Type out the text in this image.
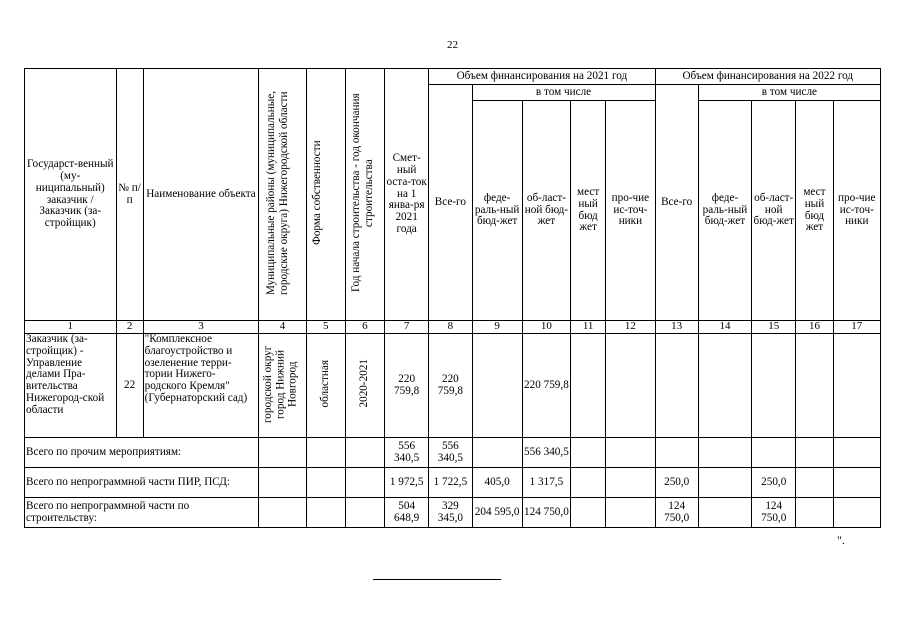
22
Государст-венный (му-ниципальный) заказчик / Заказчик (за-стройщик)	№ п/п	Наименование объекта	Муниципальные районы (муниципальные, городские округа) Нижегородской области	Форма собственности	Год начала строительства - год окончания строительства	Смет-ный оста-ток на 1 янва-ря 2021 года	Объем финансирования на 2021 год					Объем финансирования на 2022 год				
							Все-го	в том числе				Все-го	в том числе			
								феде-раль-ный бюд-жет	об-ласт-ной бюд-жет	мест ный бюд жет	про-чие ис-точ-ники		феде-раль-ный бюд-жет	об-ласт-ной бюд-жет	мест ный бюд жет	про-чие ис-точ-ники
1	2	3	4	5	6	7	8	9	10	11	12	13	14	15	16	17
Заказчик (за-стройщик) - Управление делами Пра-вительства Нижегород-ской области	22	"Комплексное благоустройство и озеленение терри-тории Нижего-родского Кремля" (Губернаторский сад)	городской округ город Нижний Новгород	областная	2020-2021	220 759,8	220 759,8		220 759,8							
Всего по прочим мероприятиям:						556 340,5	556 340,5		556 340,5							
Всего по непрограммной части ПИР, ПСД:						1 972,5	1 722,5	405,0	1 317,5			250,0		250,0		
Всего по непрограммной части по строительству:						504 648,9	329 345,0	204 595,0	124 750,0			124 750,0		124 750,0		
".
